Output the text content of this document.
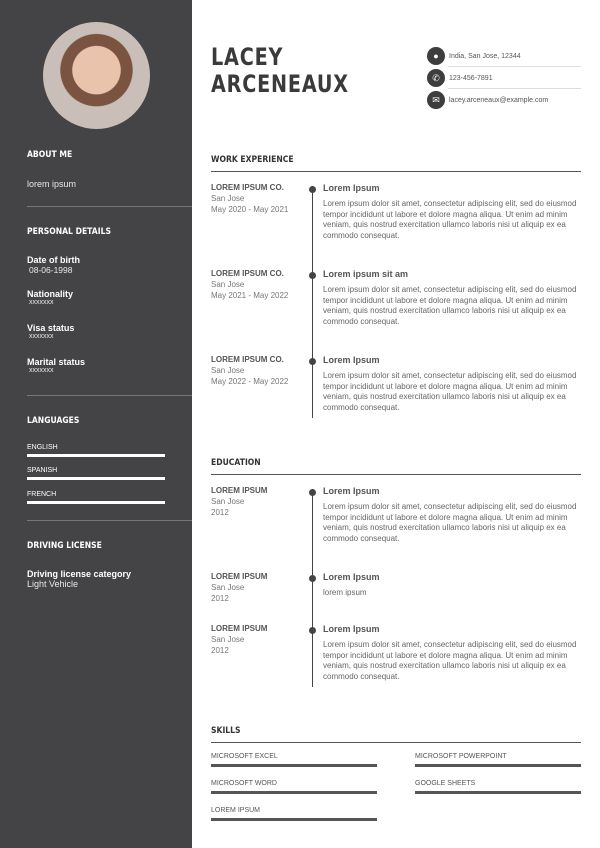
ABOUT ME
lorem ipsum
PERSONAL DETAILS
Date of birth
08-06-1998
Nationality
xxxxxxx
Visa status
xxxxxxx
Marital status
xxxxxxx
LANGUAGES
ENGLISH
SPANISH
FRENCH
DRIVING LICENSE
Driving license category
Light Vehicle
LACEY
ARCENEAUX
●	India, San Jose, 12344
✆	123-456-7891
✉	lacey.arceneaux@example.com
WORK EXPERIENCE
LOREM IPSUM CO.
San Jose
May 2020 - May 2021
Lorem Ipsum
Lorem ipsum dolor sit amet, consectetur adipiscing elit, sed do eiusmod tempor incididunt ut labore et dolore magna aliqua. Ut enim ad minim veniam, quis nostrud exercitation ullamco laboris nisi ut aliquip ex ea commodo consequat.
LOREM IPSUM CO.
San Jose
May 2021 - May 2022
Lorem ipsum sit am
Lorem ipsum dolor sit amet, consectetur adipiscing elit, sed do eiusmod tempor incididunt ut labore et dolore magna aliqua. Ut enim ad minim veniam, quis nostrud exercitation ullamco laboris nisi ut aliquip ex ea commodo consequat.
LOREM IPSUM CO.
San Jose
May 2022 - May 2022
Lorem Ipsum
Lorem ipsum dolor sit amet, consectetur adipiscing elit, sed do eiusmod tempor incididunt ut labore et dolore magna aliqua. Ut enim ad minim veniam, quis nostrud exercitation ullamco laboris nisi ut aliquip ex ea commodo consequat.
EDUCATION
LOREM IPSUM
San Jose
2012
Lorem Ipsum
Lorem ipsum dolor sit amet, consectetur adipiscing elit, sed do eiusmod tempor incididunt ut labore et dolore magna aliqua. Ut enim ad minim veniam, quis nostrud exercitation ullamco laboris nisi ut aliquip ex ea commodo consequat.
LOREM IPSUM
San Jose
2012
Lorem Ipsum
lorem ipsum
LOREM IPSUM
San Jose
2012
Lorem Ipsum
Lorem ipsum dolor sit amet, consectetur adipiscing elit, sed do eiusmod tempor incididunt ut labore et dolore magna aliqua. Ut enim ad minim veniam, quis nostrud exercitation ullamco laboris nisi ut aliquip ex ea commodo consequat.
SKILLS
MICROSOFT EXCEL	MICROSOFT POWERPOINT
MICROSOFT WORD	GOOGLE SHEETS
LOREM IPSUM
